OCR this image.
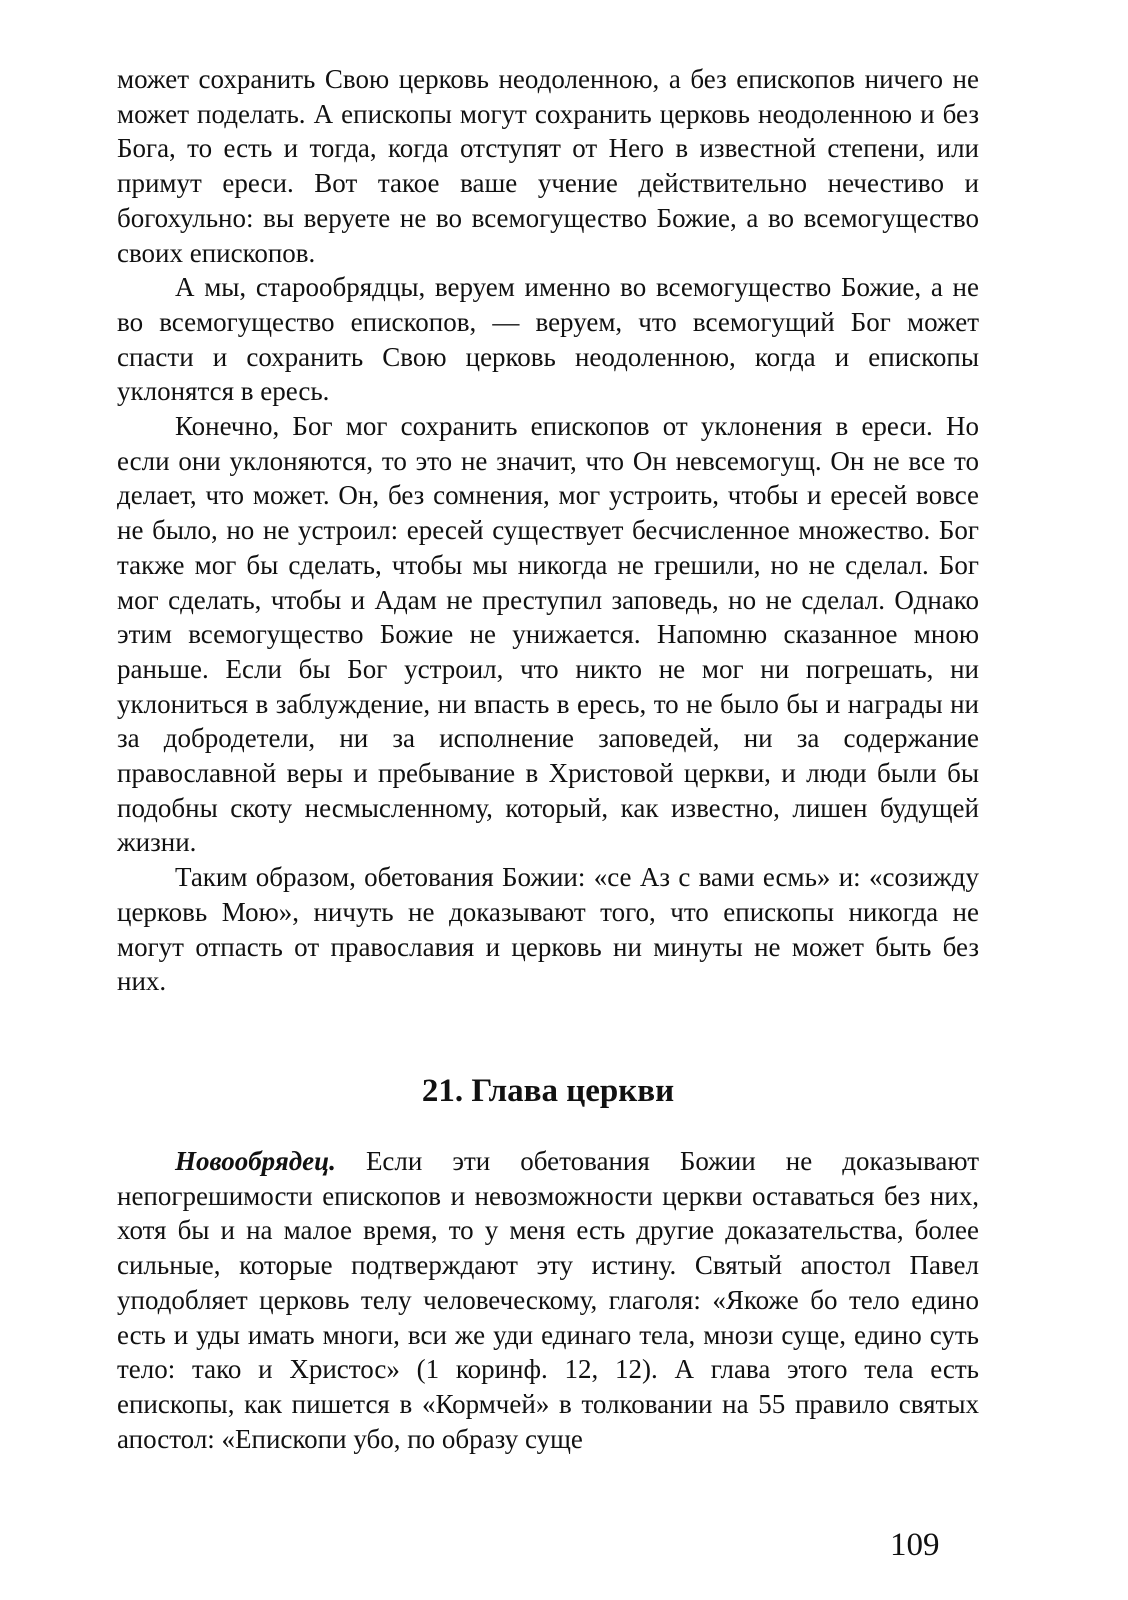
может сохранить Свою церковь неодоленною, а без епископов ничего не может поделать. А епископы могут сохранить церковь неодоленною и без Бога, то есть и тогда, когда отступят от Него в известной степени, или примут ереси. Вот такое ваше учение действительно нечестиво и богохульно: вы веруете не во всемогущество Божие, а во всемогущество своих епископов.

А мы, старообрядцы, веруем именно во всемогущество Божие, а не во всемогущество епископов, — веруем, что всемогущий Бог может спасти и сохранить Свою церковь неодоленною, когда и епископы уклонятся в ересь.

Конечно, Бог мог сохранить епископов от уклонения в ереси. Но если они уклоняются, то это не значит, что Он невсемогущ. Он не все то делает, что может. Он, без сомнения, мог устроить, чтобы и ересей вовсе не было, но не устроил: ересей существует бесчисленное множество. Бог также мог бы сделать, чтобы мы никогда не грешили, но не сделал. Бог мог сделать, чтобы и Адам не преступил заповедь, но не сделал. Однако этим всемогущество Божие не унижается. Напомню сказанное мною раньше. Если бы Бог устроил, что никто не мог ни погрешать, ни уклониться в заблуждение, ни впасть в ересь, то не было бы и награды ни за добродетели, ни за исполнение заповедей, ни за содержание православной веры и пребывание в Христовой церкви, и люди были бы подобны скоту несмысленному, который, как известно, лишен будущей жизни.

Таким образом, обетования Божии: «се Аз с вами есмь» и: «созижду церковь Мою», ничуть не доказывают того, что епископы никогда не могут отпасть от православия и церковь ни минуты не может быть без них.

21. Глава церкви

Новообрядец. Если эти обетования Божии не доказывают непогрешимости епископов и невозможности церкви оставаться без них, хотя бы и на малое время, то у меня есть другие доказательства, более сильные, которые подтверждают эту истину. Святый апостол Павел уподобляет церковь телу человеческому, глаголя: «Якоже бо тело едино есть и уды имать многи, вси же уди единаго тела, мнози суще, едино суть тело: тако и Христос» (1 коринф. 12, 12). А глава этого тела есть епископы, как пишется в «Кормчей» в толковании на 55 правило святых апостол: «Епископи убо, по образу суще

109
